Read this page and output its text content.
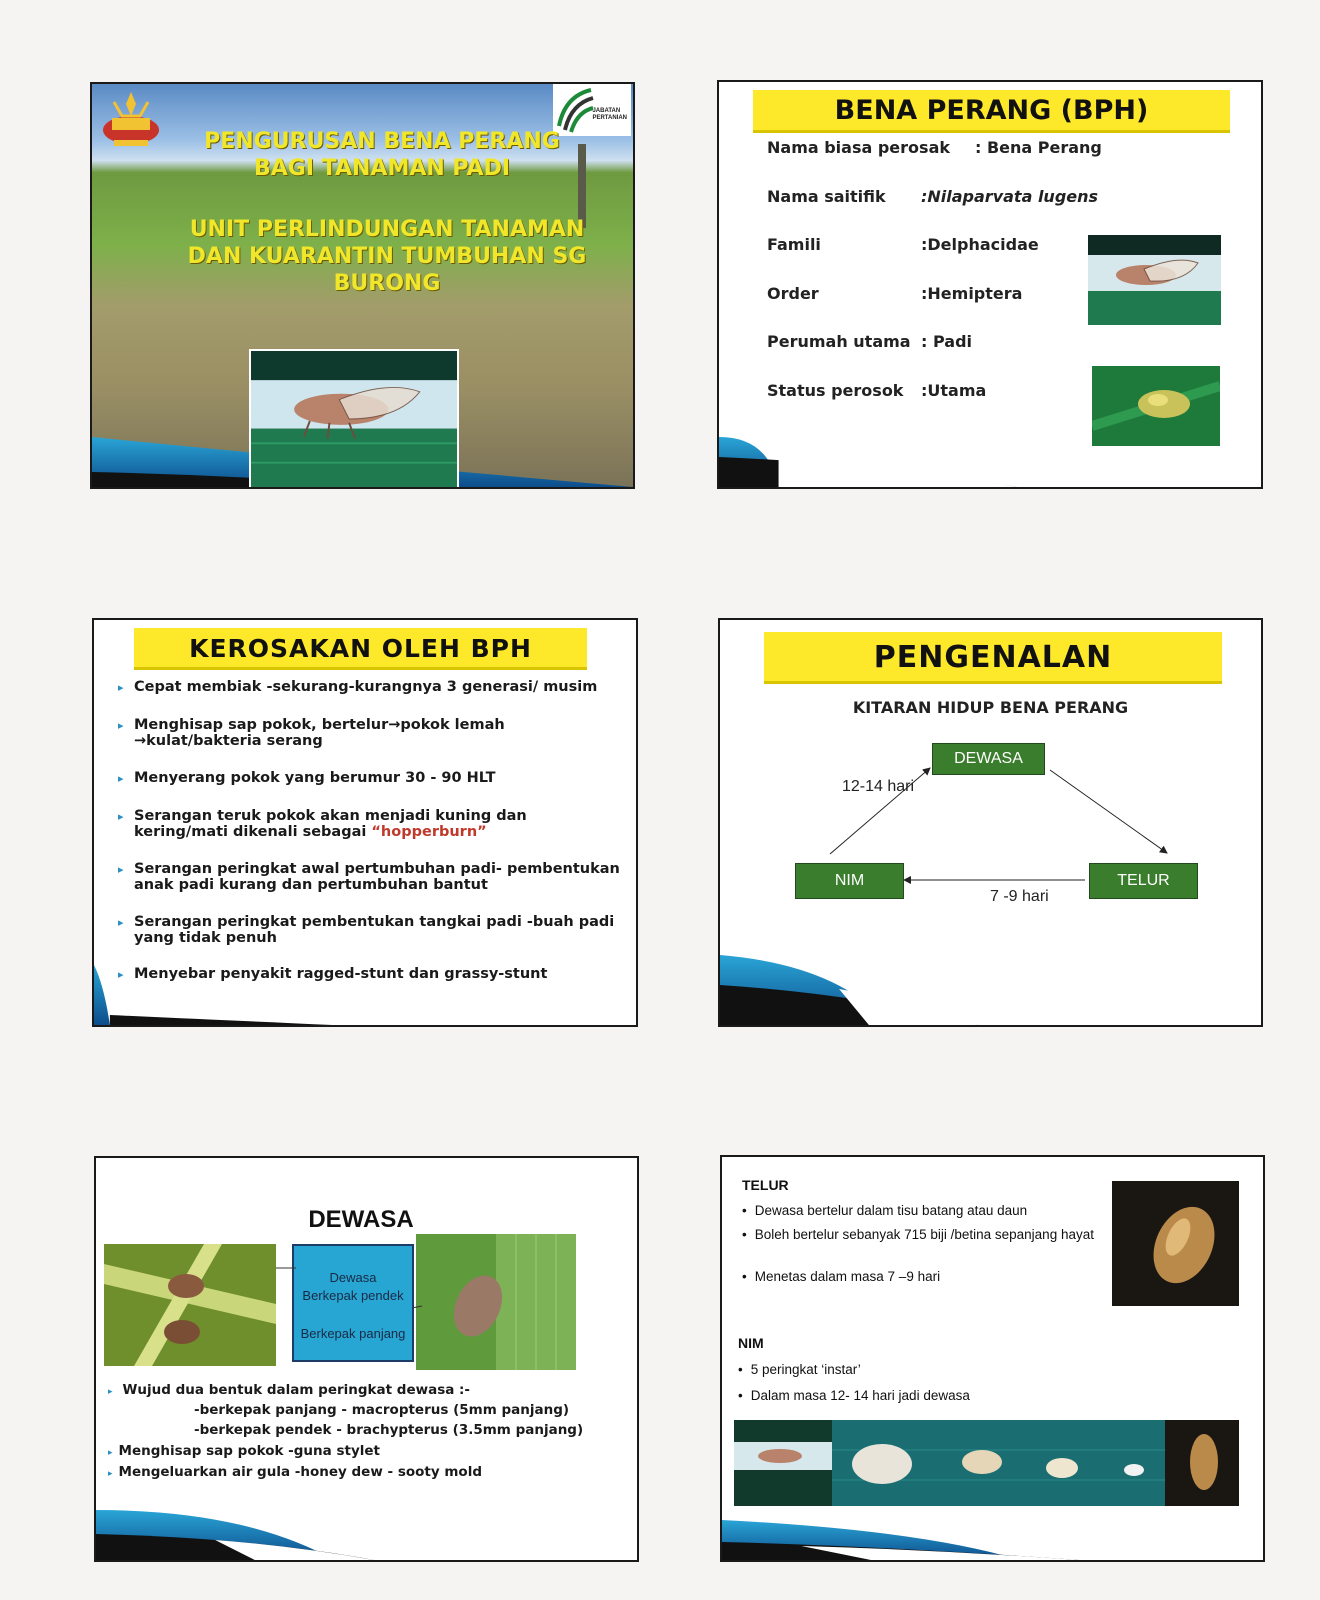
JABATAN
PERTANIAN
PENGURUSAN BENA PERANG
BAGI TANAMAN PADI
UNIT PERLINDUNGAN TANAMAN
DAN KUARANTIN TUMBUHAN SG
BURONG
BENA PERANG (BPH)
Nama biasa perosak : Bena Perang
Nama saitifik :Nilaparvata lugens
Famili	:Delphacidae
Order	:Hemiptera
Perumah utama : Padi
Status perosok :Utama
KEROSAKAN OLEH BPH
▸ Cepat membiak -sekurang-kurangnya 3 generasi/ musim
▸ Menghisap sap pokok, bertelur→pokok lemah
→kulat/bakteria serang
▸ Menyerang pokok yang berumur 30 - 90 HLT
▸ Serangan teruk pokok akan menjadi kuning dan
kering/mati dikenali sebagai “hopperburn”
▸ Serangan peringkat awal pertumbuhan padi- pembentukan
anak padi kurang dan pertumbuhan bantut
▸ Serangan peringkat pembentukan tangkai padi -buah padi
yang tidak penuh
▸ Menyebar penyakit ragged-stunt dan grassy-stunt
PENGENALAN
KITARAN HIDUP BENA PERANG
DEWASA
NIM	TELUR
12-14 hari
7 -9 hari
DEWASA
Dewasa
Berkepak pendek
Berkepak panjang
▸ Wujud dua bentuk dalam peringkat dewasa :-
-berkepak panjang - macropterus (5mm panjang)
-berkepak pendek - brachypterus (3.5mm panjang)
▸ Menghisap sap pokok -guna stylet
▸ Mengeluarkan air gula -honey dew - sooty mold
TELUR
• Dewasa bertelur dalam tisu batang atau daun
• Boleh bertelur sebanyak 715 biji /betina sepanjang hayat
• Menetas dalam masa 7 –9 hari
NIM
• 5 peringkat ‘instar’
• Dalam masa 12- 14 hari jadi dewasa
